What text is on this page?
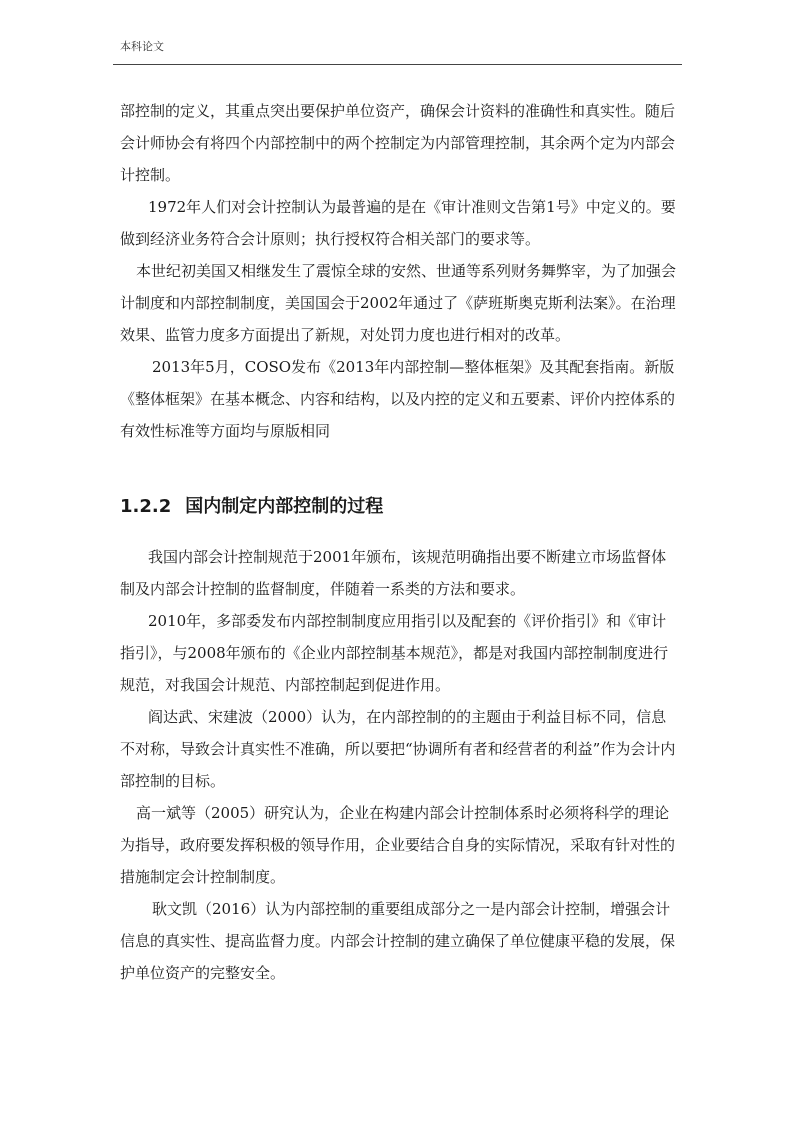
本科论文

部控制的定义，其重点突出要保护单位资产，确保会计资料的准确性和真实性。随后会计师协会有将四个内部控制中的两个控制定为内部管理控制，其余两个定为内部会计控制。

1972年人们对会计控制认为最普遍的是在《审计准则文告第1号》中定义的。要做到经济业务符合会计原则；执行授权符合相关部门的要求等。

本世纪初美国又相继发生了震惊全球的安然、世通等系列财务舞弊宰，为了加强会计制度和内部控制制度，美国国会于2002年通过了《萨班斯奥克斯利法案》。在治理效果、监管力度多方面提出了新规，对处罚力度也进行相对的改革。

2013年5月，COSO发布《2013年内部控制—整体框架》及其配套指南。新版《整体框架》在基本概念、内容和结构，以及内控的定义和五要素、评价内控体系的有效性标准等方面均与原版相同

1.2.2 国内制定内部控制的过程

我国内部会计控制规范于2001年颁布，该规范明确指出要不断建立市场监督体制及内部会计控制的监督制度，伴随着一系类的方法和要求。

2010年，多部委发布内部控制制度应用指引以及配套的《评价指引》和《审计指引》，与2008年颁布的《企业内部控制基本规范》，都是对我国内部控制制度进行规范，对我国会计规范、内部控制起到促进作用。

阎达武、宋建波（2000）认为，在内部控制的的主题由于利益目标不同，信息不对称，导致会计真实性不准确，所以要把“协调所有者和经营者的利益”作为会计内部控制的目标。

高一斌等（2005）研究认为，企业在构建内部会计控制体系时必须将科学的理论为指导，政府要发挥积极的领导作用，企业要结合自身的实际情况，采取有针对性的措施制定会计控制制度。

耿文凯（2016）认为内部控制的重要组成部分之一是内部会计控制，增强会计信息的真实性、提高监督力度。内部会计控制的建立确保了单位健康平稳的发展，保护单位资产的完整安全。
